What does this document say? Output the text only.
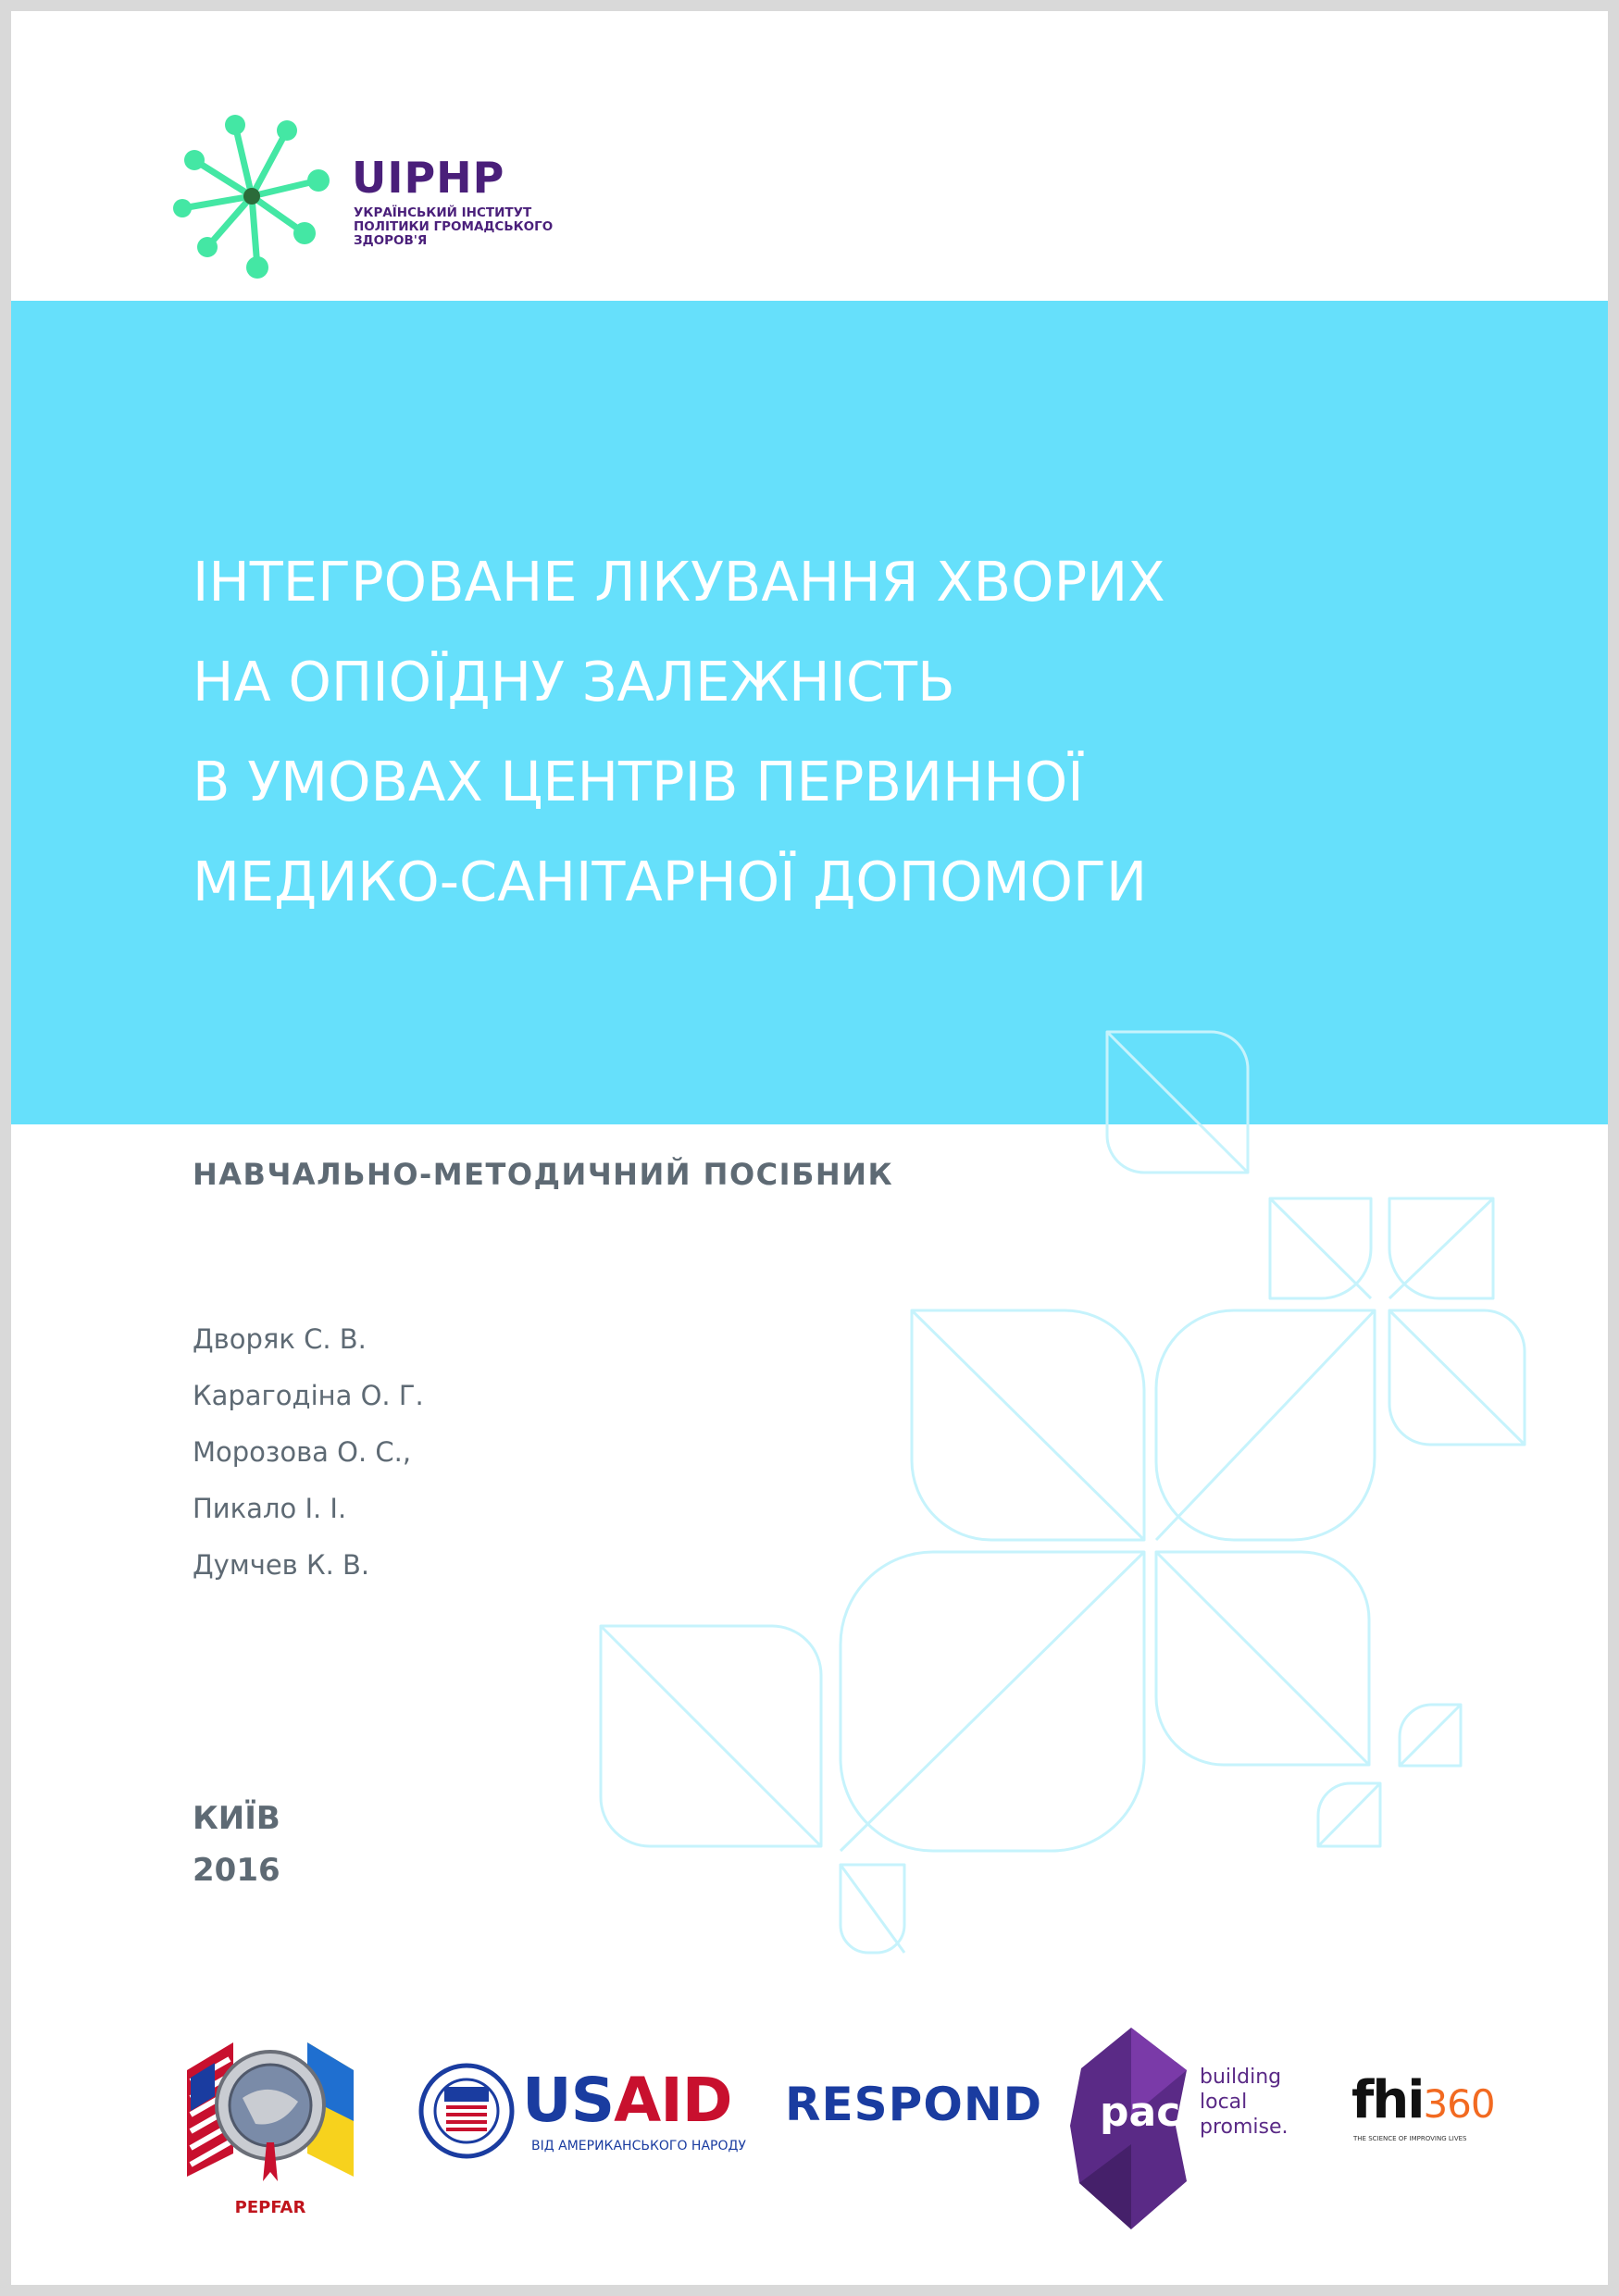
UIPHP
УКРАЇНСЬКИЙ ІНСТИТУТ
ПОЛІТИКИ ГРОМАДСЬКОГО
ЗДОРОВ'Я
ІНТЕГРОВАНЕ ЛІКУВАННЯ ХВОРИХ
НА ОПІОЇДНУ ЗАЛЕЖНІСТЬ
В УМОВАХ ЦЕНТРІВ ПЕРВИННОЇ
МЕДИКО-САНІТАРНОЇ ДОПОМОГИ
НАВЧАЛЬНО-МЕТОДИЧНИЙ ПОСІБНИК
Дворяк С. В.
Карагодіна О. Г.
Морозова О. С.,
Пикало І. І.
Думчев К. В.
КИЇВ
2016
PEPFAR
USAID
ВІД АМЕРИКАНСЬКОГО НАРОДУ
RESPOND pact
building
local
promise. fhi360
THE SCIENCE OF IMPROVING LIVES
